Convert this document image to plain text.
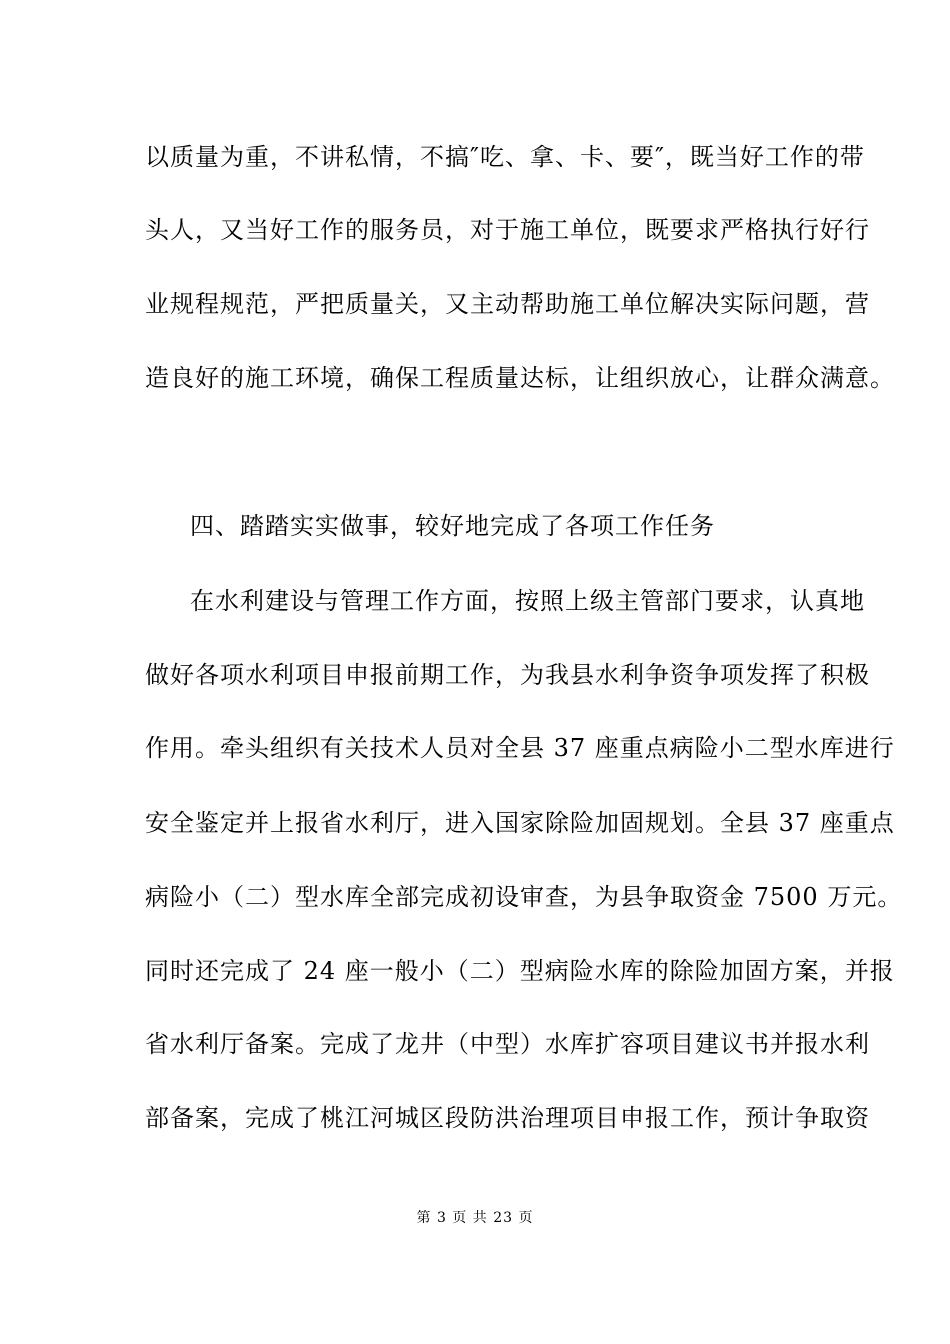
以质量为重，不讲私情，不搞″吃、拿、卡、要″，既当好工作的带
头人，又当好工作的服务员，对于施工单位，既要求严格执行好行
业规程规范，严把质量关，又主动帮助施工单位解决实际问题，营
造良好的施工环境，确保工程质量达标，让组织放心，让群众满意。
四、踏踏实实做事，较好地完成了各项工作任务
在水利建设与管理工作方面，按照上级主管部门要求，认真地
做好各项水利项目申报前期工作，为我县水利争资争项发挥了积极
作用。牵头组织有关技术人员对全县 37 座重点病险小二型水库进行
安全鉴定并上报省水利厅，进入国家除险加固规划。全县 37 座重点
病险小（二）型水库全部完成初设审查，为县争取资金 7500 万元。
同时还完成了 24 座一般小（二）型病险水库的除险加固方案，并报
省水利厅备案。完成了龙井（中型）水库扩容项目建议书并报水利
部备案，完成了桃江河城区段防洪治理项目申报工作，预计争取资
第 3 页 共 23 页
